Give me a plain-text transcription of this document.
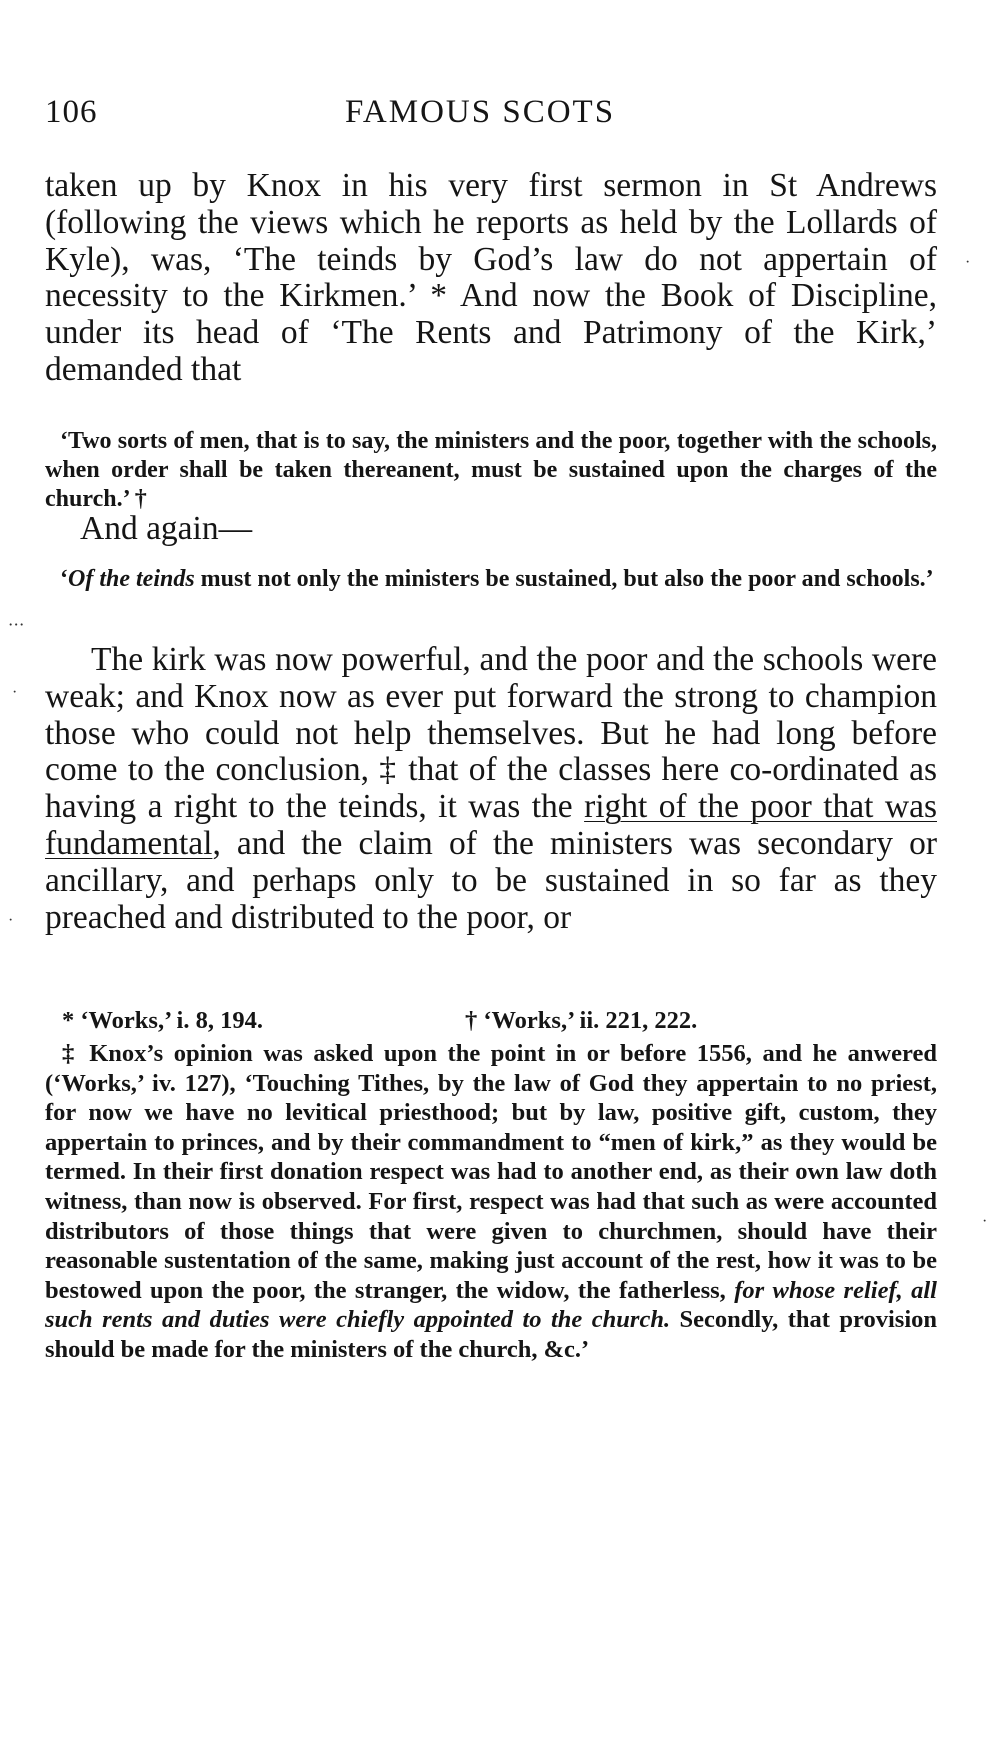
106	FAMOUS SCOTS
taken up by Knox in his very first sermon in St Andrews (following the views which he reports as held by the Lollards of Kyle), was, ‘The teinds by God’s law do not appertain of necessity to the Kirkmen.’ * And now the Book of Discipline, under its head of ‘The Rents and Patrimony of the Kirk,’ demanded that
‘Two sorts of men, that is to say, the ministers and the poor, together with the schools, when order shall be taken thereanent, must be sustained upon the charges of the church.’ †
And again—
‘Of the teinds must not only the ministers be sustained, but also the poor and schools.’
The kirk was now powerful, and the poor and the schools were weak; and Knox now as ever put forward the strong to champion those who could not help themselves. But he had long before come to the conclusion, ‡ that of the classes here co-ordinated as having a right to the teinds, it was the right of the poor that was fundamental, and the claim of the ministers was secondary or ancillary, and perhaps only to be sustained in so far as they preached and distributed to the poor, or
* ‘Works,’ i. 8, 194.	† ‘Works,’ ii. 221, 222.
‡ Knox’s opinion was asked upon the point in or before 1556, and he anwered (‘Works,’ iv. 127), ‘Touching Tithes, by the law of God they appertain to no priest, for now we have no levitical priesthood; but by law, positive gift, custom, they appertain to princes, and by their commandment to “men of kirk,” as they would be termed. In their first donation respect was had to another end, as their own law doth witness, than now is observed. For first, respect was had that such as were accounted distributors of those things that were given to churchmen, should have their reasonable sustentation of the same, making just account of the rest, how it was to be bestowed upon the poor, the stranger, the widow, the fatherless, for whose relief, all such rents and duties were chiefly appointed to the church. Secondly, that provision should be made for the ministers of the church, &c.’
⋅⋅⋅
·
·
·
·
